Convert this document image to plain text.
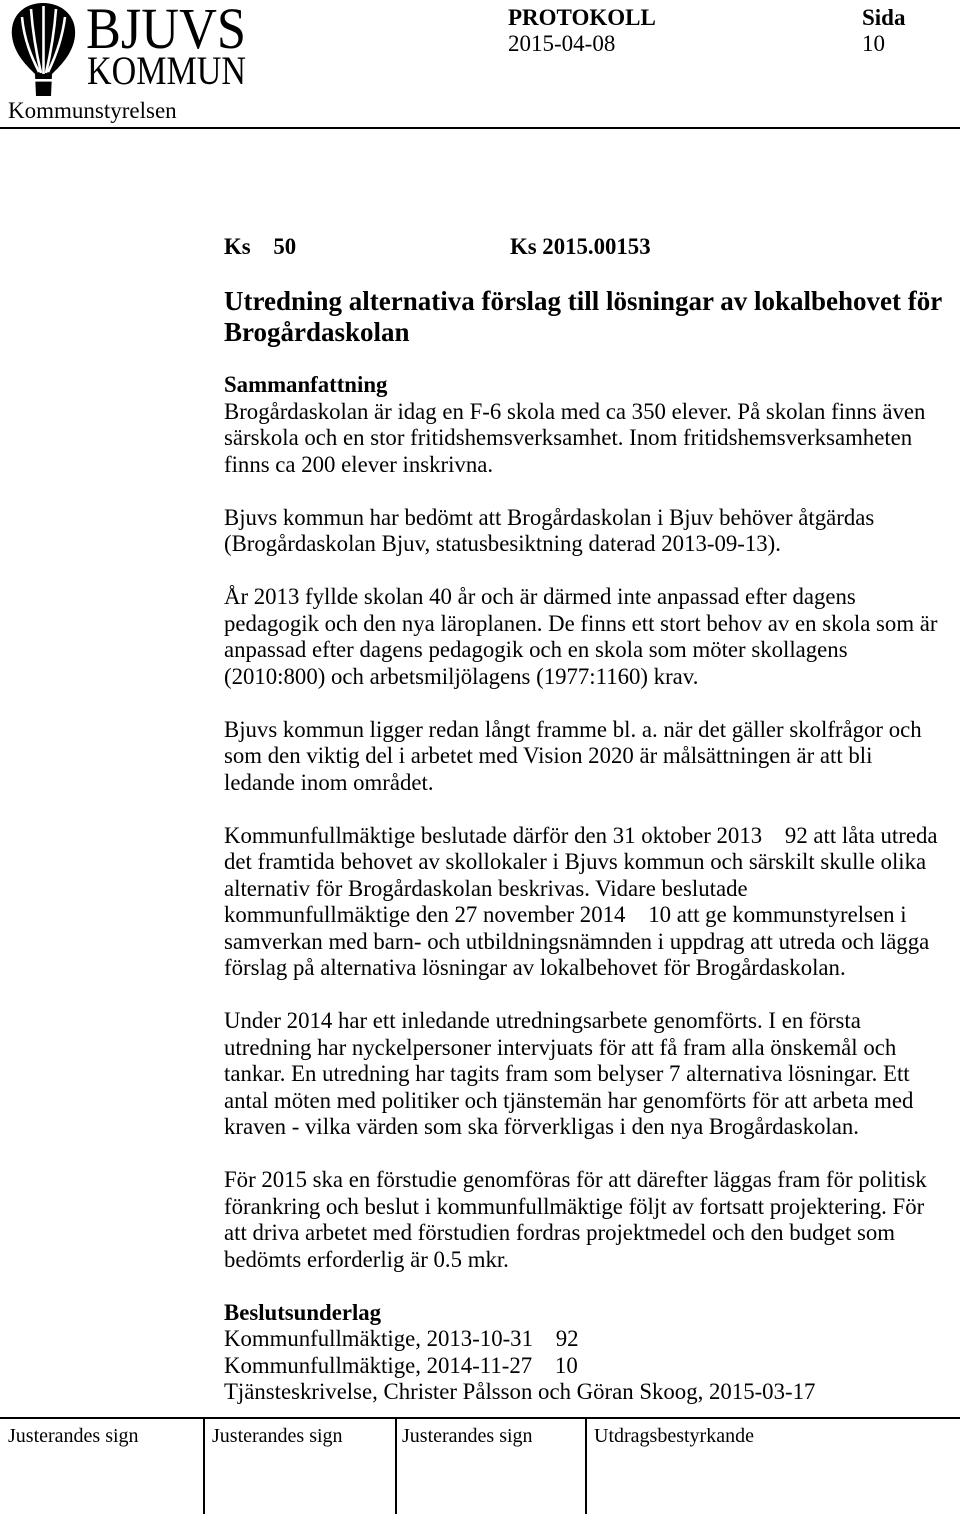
BJUVS
KOMMUN
PROTOKOLL
2015-04-08
Sida
10
Kommunstyrelsen
Ks    50	Ks 2015.00153
Utredning alternativa förslag till lösningar av lokalbehovet för
Brogårdaskolan
Sammanfattning
Brogårdaskolan är idag en F-6 skola med ca 350 elever. På skolan finns även
särskola och en stor fritidshemsverksamhet. Inom fritidshemsverksamheten
finns ca 200 elever inskrivna.
Bjuvs kommun har bedömt att Brogårdaskolan i Bjuv behöver åtgärdas
(Brogårdaskolan Bjuv, statusbesiktning daterad 2013-09-13).
År 2013 fyllde skolan 40 år och är därmed inte anpassad efter dagens
pedagogik och den nya läroplanen. De finns ett stort behov av en skola som är
anpassad efter dagens pedagogik och en skola som möter skollagens
(2010:800) och arbetsmiljölagens (1977:1160) krav.
Bjuvs kommun ligger redan långt framme bl. a. när det gäller skolfrågor och
som den viktig del i arbetet med Vision 2020 är målsättningen är att bli
ledande inom området.
Kommunfullmäktige beslutade därför den 31 oktober 2013    92 att låta utreda
det framtida behovet av skollokaler i Bjuvs kommun och särskilt skulle olika
alternativ för Brogårdaskolan beskrivas. Vidare beslutade
kommunfullmäktige den 27 november 2014    10 att ge kommunstyrelsen i
samverkan med barn- och utbildningsnämnden i uppdrag att utreda och lägga
förslag på alternativa lösningar av lokalbehovet för Brogårdaskolan.
Under 2014 har ett inledande utredningsarbete genomförts. I en första
utredning har nyckelpersoner intervjuats för att få fram alla önskemål och
tankar. En utredning har tagits fram som belyser 7 alternativa lösningar. Ett
antal möten med politiker och tjänstemän har genomförts för att arbeta med
kraven - vilka värden som ska förverkligas i den nya Brogårdaskolan.
För 2015 ska en förstudie genomföras för att därefter läggas fram för politisk
förankring och beslut i kommunfullmäktige följt av fortsatt projektering. För
att driva arbetet med förstudien fordras projektmedel och den budget som
bedömts erforderlig är 0.5 mkr.
Beslutsunderlag
Kommunfullmäktige, 2013-10-31    92
Kommunfullmäktige, 2014-11-27    10
Tjänsteskrivelse, Christer Pålsson och Göran Skoog, 2015-03-17
Justerandes sign	Justerandes sign	Justerandes sign	Utdragsbestyrkande
